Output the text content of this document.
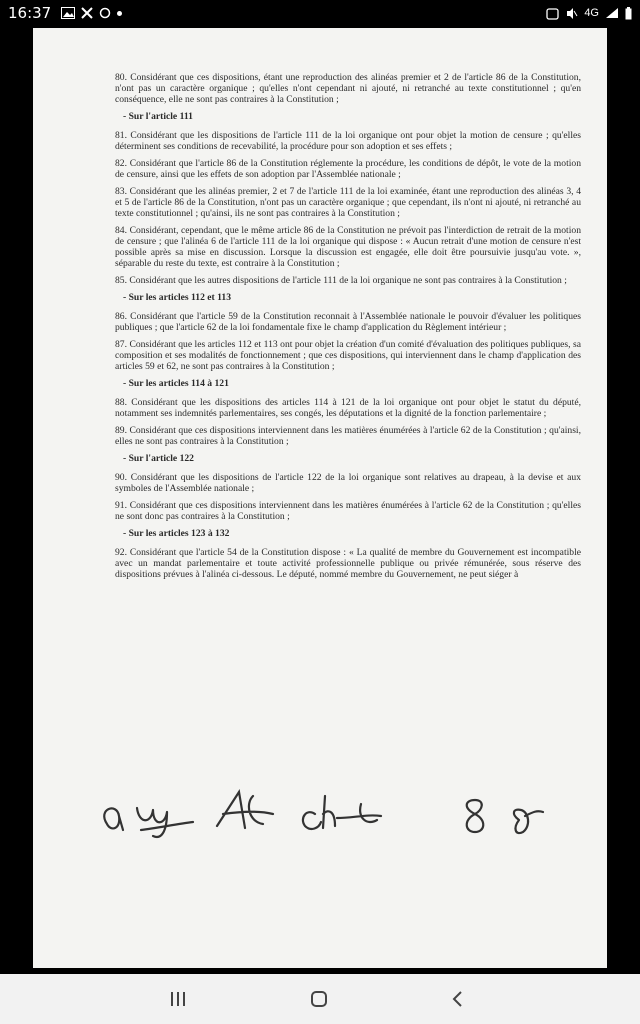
16:37	4G
80. Considérant que ces dispositions, étant une reproduction des alinéas premier et 2 de l'article 86 de la Constitution, n'ont pas un caractère organique ; qu'elles n'ont cependant ni ajouté, ni retranché au texte constitutionnel ; qu'en conséquence, elle ne sont pas contraires à la Constitution ;
- Sur l'article 111
81. Considérant que les dispositions de l'article 111 de la loi organique ont pour objet la motion de censure ; qu'elles déterminent ses conditions de recevabilité, la procédure pour son adoption et ses effets ;
82. Considérant que l'article 86 de la Constitution réglemente la procédure, les conditions de dépôt, le vote de la motion de censure, ainsi que les effets de son adoption par l'Assemblée nationale ;
83. Considérant que les alinéas premier, 2 et 7 de l'article 111 de la loi examinée, étant une reproduction des alinéas 3, 4 et 5 de l'article 86 de la Constitution, n'ont pas un caractère organique ; que cependant, ils n'ont ni ajouté, ni retranché au texte constitutionnel ; qu'ainsi, ils ne sont pas contraires à la Constitution ;
84. Considérant, cependant, que le même article 86 de la Constitution ne prévoit pas l'interdiction de retrait de la motion de censure ; que l'alinéa 6 de l'article 111 de la loi organique qui dispose : « Aucun retrait d'une motion de censure n'est possible après sa mise en discussion. Lorsque la discussion est engagée, elle doit être poursuivie jusqu'au vote. », séparable du reste du texte, est contraire à la Constitution ;
85. Considérant que les autres dispositions de l'article 111 de la loi organique ne sont pas contraires à la Constitution ;
- Sur les articles 112 et 113
86. Considérant que l'article 59 de la Constitution reconnait à l'Assemblée nationale le pouvoir d'évaluer les politiques publiques ; que l'article 62 de la loi fondamentale fixe le champ d'application du Règlement intérieur ;
87. Considérant que les articles 112 et 113 ont pour objet la création d'un comité d'évaluation des politiques publiques, sa composition et ses modalités de fonctionnement ; que ces dispositions, qui interviennent dans le champ d'application des articles 59 et 62, ne sont pas contraires à la Constitution ;
- Sur les articles 114 à 121
88. Considérant que les dispositions des articles 114 à 121 de la loi organique ont pour objet le statut du député, notamment ses indemnités parlementaires, ses congés, les députations et la dignité de la fonction parlementaire ;
89. Considérant que ces dispositions interviennent dans les matières énumérées à l'article 62 de la Constitution ; qu'ainsi, elles ne sont pas contraires à la Constitution ;
- Sur l'article 122
90. Considérant que les dispositions de l'article 122 de la loi organique sont relatives au drapeau, à la devise et aux symboles de l'Assemblée nationale ;
91. Considérant que ces dispositions interviennent dans les matières énumérées à l'article 62 de la Constitution ; qu'elles ne sont donc pas contraires à la Constitution ;
- Sur les articles 123 à 132
92. Considérant que l'article 54 de la Constitution dispose : « La qualité de membre du Gouvernement est incompatible avec un mandat parlementaire et toute activité professionnelle publique ou privée rémunérée, sous réserve des dispositions prévues à l'alinéa ci-dessous. Le député, nommé membre du Gouvernement, ne peut siéger à
